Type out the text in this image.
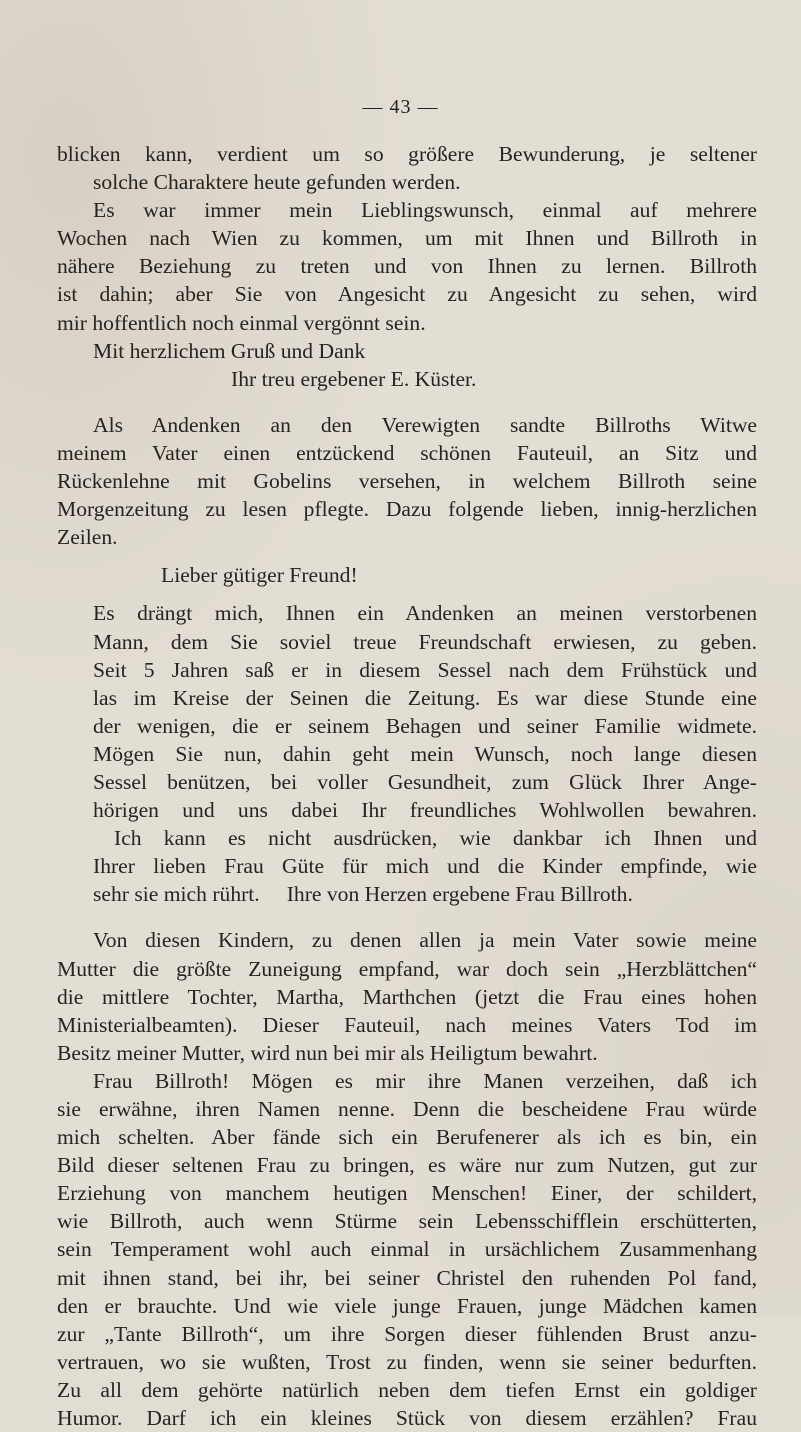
— 43 —
blicken kann, verdient um so größere Bewunderung, je seltener
solche Charaktere heute gefunden werden.
Es war immer mein Lieblingswunsch, einmal auf mehrere
Wochen nach Wien zu kommen, um mit Ihnen und Billroth in
nähere Beziehung zu treten und von Ihnen zu lernen. Billroth
ist dahin; aber Sie von Angesicht zu Angesicht zu sehen, wird
mir hoffentlich noch einmal vergönnt sein.
Mit herzlichem Gruß und Dank
Ihr treu ergebener E. Küster.
Als Andenken an den Verewigten sandte Billroths Witwe
meinem Vater einen entzückend schönen Fauteuil, an Sitz und
Rückenlehne mit Gobelins versehen, in welchem Billroth seine
Morgenzeitung zu lesen pflegte. Dazu folgende lieben, innig-herzlichen
Zeilen.
Lieber gütiger Freund!
Es drängt mich, Ihnen ein Andenken an meinen verstorbenen
Mann, dem Sie soviel treue Freundschaft erwiesen, zu geben.
Seit 5 Jahren saß er in diesem Sessel nach dem Frühstück und
las im Kreise der Seinen die Zeitung. Es war diese Stunde eine
der wenigen, die er seinem Behagen und seiner Familie widmete.
Mögen Sie nun, dahin geht mein Wunsch, noch lange diesen
Sessel benützen, bei voller Gesundheit, zum Glück Ihrer Ange-
hörigen und uns dabei Ihr freundliches Wohlwollen bewahren.
Ich kann es nicht ausdrücken, wie dankbar ich Ihnen und
Ihrer lieben Frau Güte für mich und die Kinder empfinde, wie
sehr sie mich rührt.     Ihre von Herzen ergebene Frau Billroth.
Von diesen Kindern, zu denen allen ja mein Vater sowie meine
Mutter die größte Zuneigung empfand, war doch sein „Herzblättchen“
die mittlere Tochter, Martha, Marthchen (jetzt die Frau eines hohen
Ministerialbeamten). Dieser Fauteuil, nach meines Vaters Tod im
Besitz meiner Mutter, wird nun bei mir als Heiligtum bewahrt.
Frau Billroth! Mögen es mir ihre Manen verzeihen, daß ich
sie erwähne, ihren Namen nenne. Denn die bescheidene Frau würde
mich schelten. Aber fände sich ein Berufenerer als ich es bin, ein
Bild dieser seltenen Frau zu bringen, es wäre nur zum Nutzen, gut zur
Erziehung von manchem heutigen Menschen! Einer, der schildert,
wie Billroth, auch wenn Stürme sein Lebensschifflein erschütterten,
sein Temperament wohl auch einmal in ursächlichem Zusammenhang
mit ihnen stand, bei ihr, bei seiner Christel den ruhenden Pol fand,
den er brauchte. Und wie viele junge Frauen, junge Mädchen kamen
zur „Tante Billroth“, um ihre Sorgen dieser fühlenden Brust anzu-
vertrauen, wo sie wußten, Trost zu finden, wenn sie seiner bedurften.
Zu all dem gehörte natürlich neben dem tiefen Ernst ein goldiger
Humor. Darf ich ein kleines Stück von diesem erzählen? Frau
